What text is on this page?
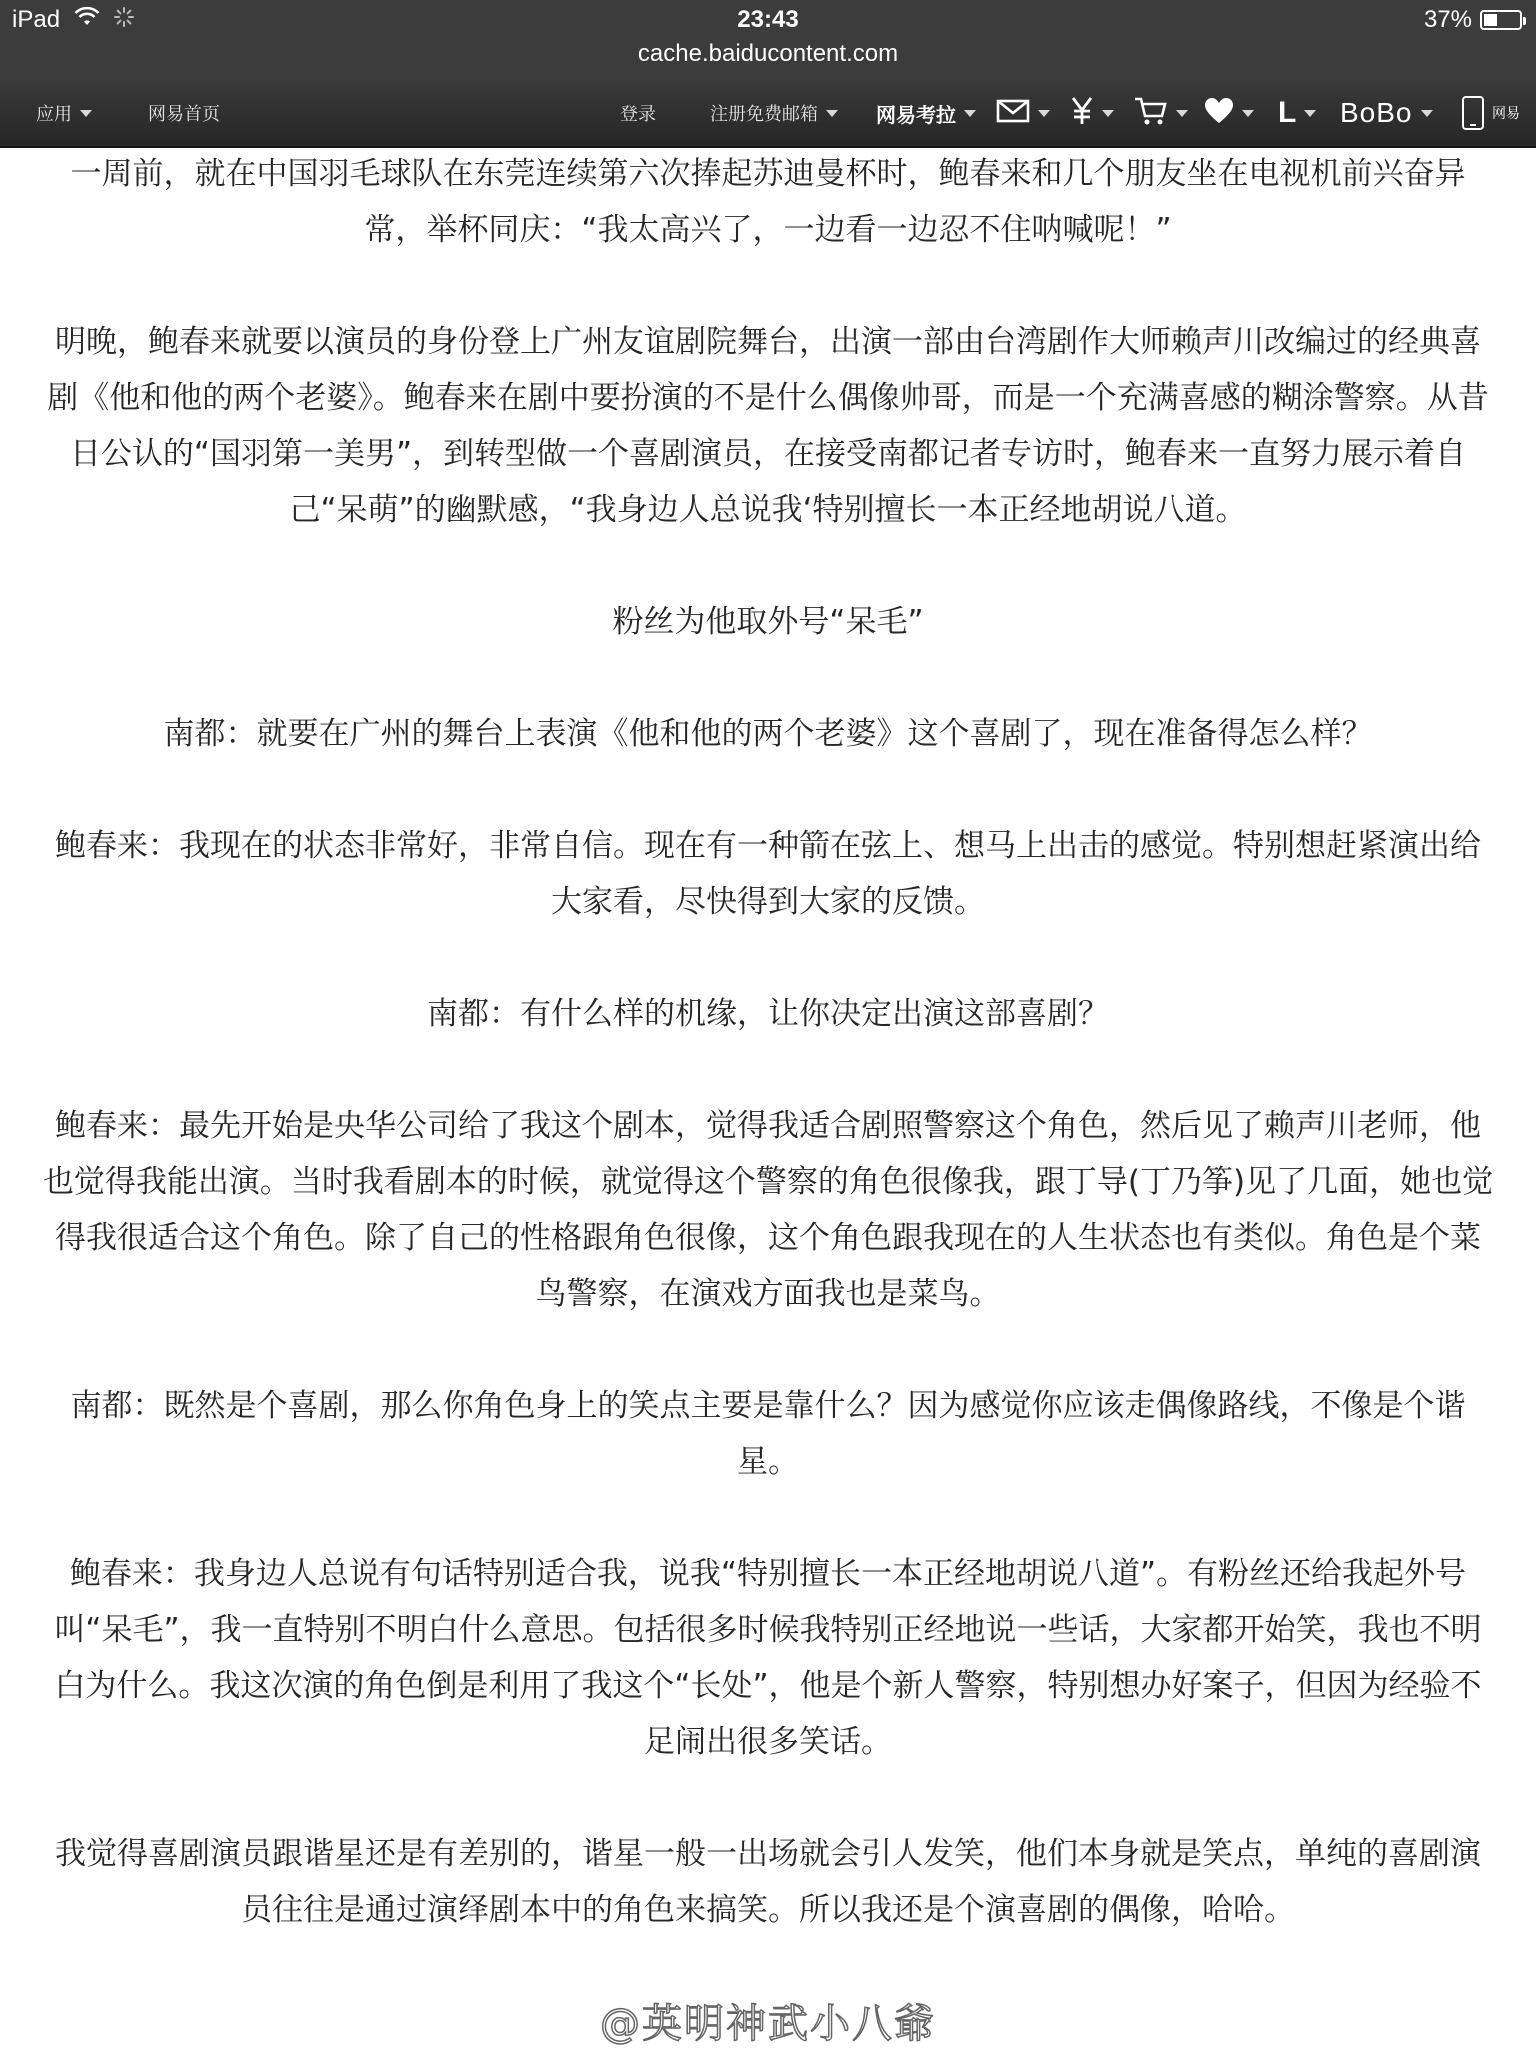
iPad	23:43	37%
cache.baiducontent.com
应用	网易首页	登录	注册免费邮箱	网易考拉	L BoBo	网易

一周前，就在中国羽毛球队在东莞连续第六次捧起苏迪曼杯时，鲍春来和几个朋友坐在电视机前兴奋异常，举杯同庆：“我太高兴了，一边看一边忍不住呐喊呢！”

明晚，鲍春来就要以演员的身份登上广州友谊剧院舞台，出演一部由台湾剧作大师赖声川改编过的经典喜剧《他和他的两个老婆》。鲍春来在剧中要扮演的不是什么偶像帅哥，而是一个充满喜感的糊涂警察。从昔日公认的“国羽第一美男”，到转型做一个喜剧演员，在接受南都记者专访时，鲍春来一直努力展示着自己“呆萌”的幽默感，“我身边人总说我‘特别擅长一本正经地胡说八道。

粉丝为他取外号“呆毛”

南都：就要在广州的舞台上表演《他和他的两个老婆》这个喜剧了，现在准备得怎么样？

鲍春来：我现在的状态非常好，非常自信。现在有一种箭在弦上、想马上出击的感觉。特别想赶紧演出给大家看，尽快得到大家的反馈。

南都：有什么样的机缘，让你决定出演这部喜剧？

鲍春来：最先开始是央华公司给了我这个剧本，觉得我适合剧照警察这个角色，然后见了赖声川老师，他也觉得我能出演。当时我看剧本的时候，就觉得这个警察的角色很像我，跟丁导(丁乃筝)见了几面，她也觉得我很适合这个角色。除了自己的性格跟角色很像，这个角色跟我现在的人生状态也有类似。角色是个菜鸟警察，在演戏方面我也是菜鸟。

南都：既然是个喜剧，那么你角色身上的笑点主要是靠什么？因为感觉你应该走偶像路线，不像是个谐星。

鲍春来：我身边人总说有句话特别适合我，说我“特别擅长一本正经地胡说八道”。有粉丝还给我起外号叫“呆毛”，我一直特别不明白什么意思。包括很多时候我特别正经地说一些话，大家都开始笑，我也不明白为什么。我这次演的角色倒是利用了我这个“长处”，他是个新人警察，特别想办好案子，但因为经验不足闹出很多笑话。

我觉得喜剧演员跟谐星还是有差别的，谐星一般一出场就会引人发笑，他们本身就是笑点，单纯的喜剧演员往往是通过演绎剧本中的角色来搞笑。所以我还是个演喜剧的偶像，哈哈。

@英明神武小八爺
